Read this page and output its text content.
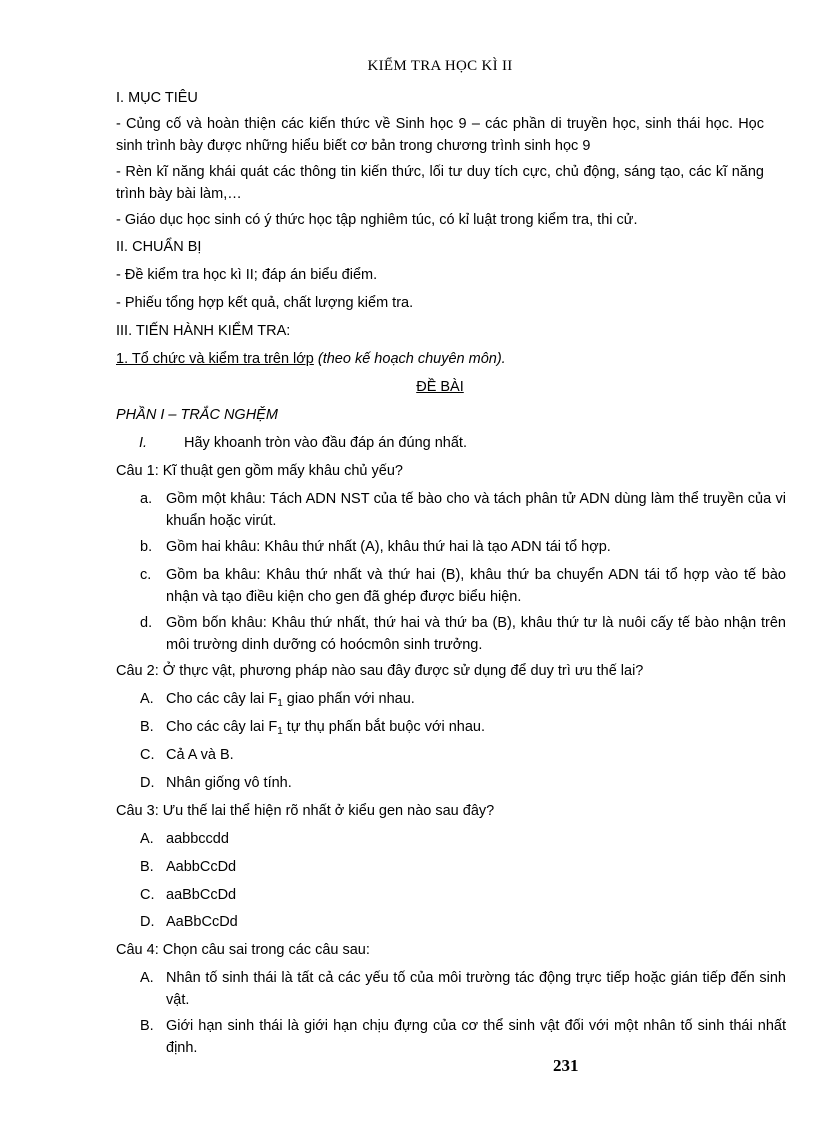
KIỂM TRA HỌC KÌ II
I. MỤC TIÊU
- Củng cố và hoàn thiện các kiến thức về Sinh học 9 – các phần di truyền học, sinh thái học. Học sinh trình bày được những hiểu biết cơ bản trong chương trình sinh học 9
- Rèn kĩ năng khái quát các thông tin kiến thức, lối tư duy tích cực, chủ động, sáng tạo, các kĩ năng trình bày bài làm,…
- Giáo dục học sinh có ý thức học tập nghiêm túc, có kỉ luật trong kiểm tra, thi cử.
II. CHUẨN BỊ
- Đề kiểm tra học kì II; đáp án biểu điểm.
- Phiếu tổng hợp kết quả, chất lượng kiểm tra.
III. TIẾN HÀNH KIỂM TRA:
1. Tổ chức và kiểm tra trên lớp (theo kế hoạch chuyên môn).
ĐỀ BÀI
PHẦN I – TRẮC NGHỆM
I.	Hãy khoanh tròn vào đầu đáp án đúng nhất.
Câu 1: Kĩ thuật gen gồm mấy khâu chủ yếu?
a. Gồm một khâu: Tách ADN NST của tế bào cho và tách phân tử ADN dùng làm thể truyền của vi khuẩn hoặc virút.
b. Gồm hai khâu: Khâu thứ nhất (A), khâu thứ hai là tạo ADN tái tổ hợp.
c. Gồm ba khâu: Khâu thứ nhất và thứ hai (B), khâu thứ ba chuyển ADN tái tổ hợp vào tế bào nhận và tạo điều kiện cho gen đã ghép được biểu hiện.
d. Gồm bốn khâu: Khâu thứ nhất, thứ hai và thứ ba (B), khâu thứ tư là nuôi cấy tế bào nhận trên môi trường dinh dưỡng có hoócmôn sinh trưởng.
Câu 2: Ở thực vật, phương pháp nào sau đây được sử dụng để duy trì ưu thế lai?
A. Cho các cây lai $F_1$ giao phấn với nhau.
B. Cho các cây lai $F_1$ tự thụ phấn bắt buộc với nhau.
C. Cả A và B.
D. Nhân giống vô tính.
Câu 3: Ưu thế lai thể hiện rõ nhất ở kiểu gen nào sau đây?
A. aabbccdd
B. AabbCcDd
C. aaBbCcDd
D. AaBbCcDd
Câu 4: Chọn câu sai trong các câu sau:
A. Nhân tố sinh thái là tất cả các yếu tố của môi trường tác động trực tiếp hoặc gián tiếp đến sinh vật.
B. Giới hạn sinh thái là giới hạn chịu đựng của cơ thể sinh vật đối với một nhân tố sinh thái nhất định.
231
